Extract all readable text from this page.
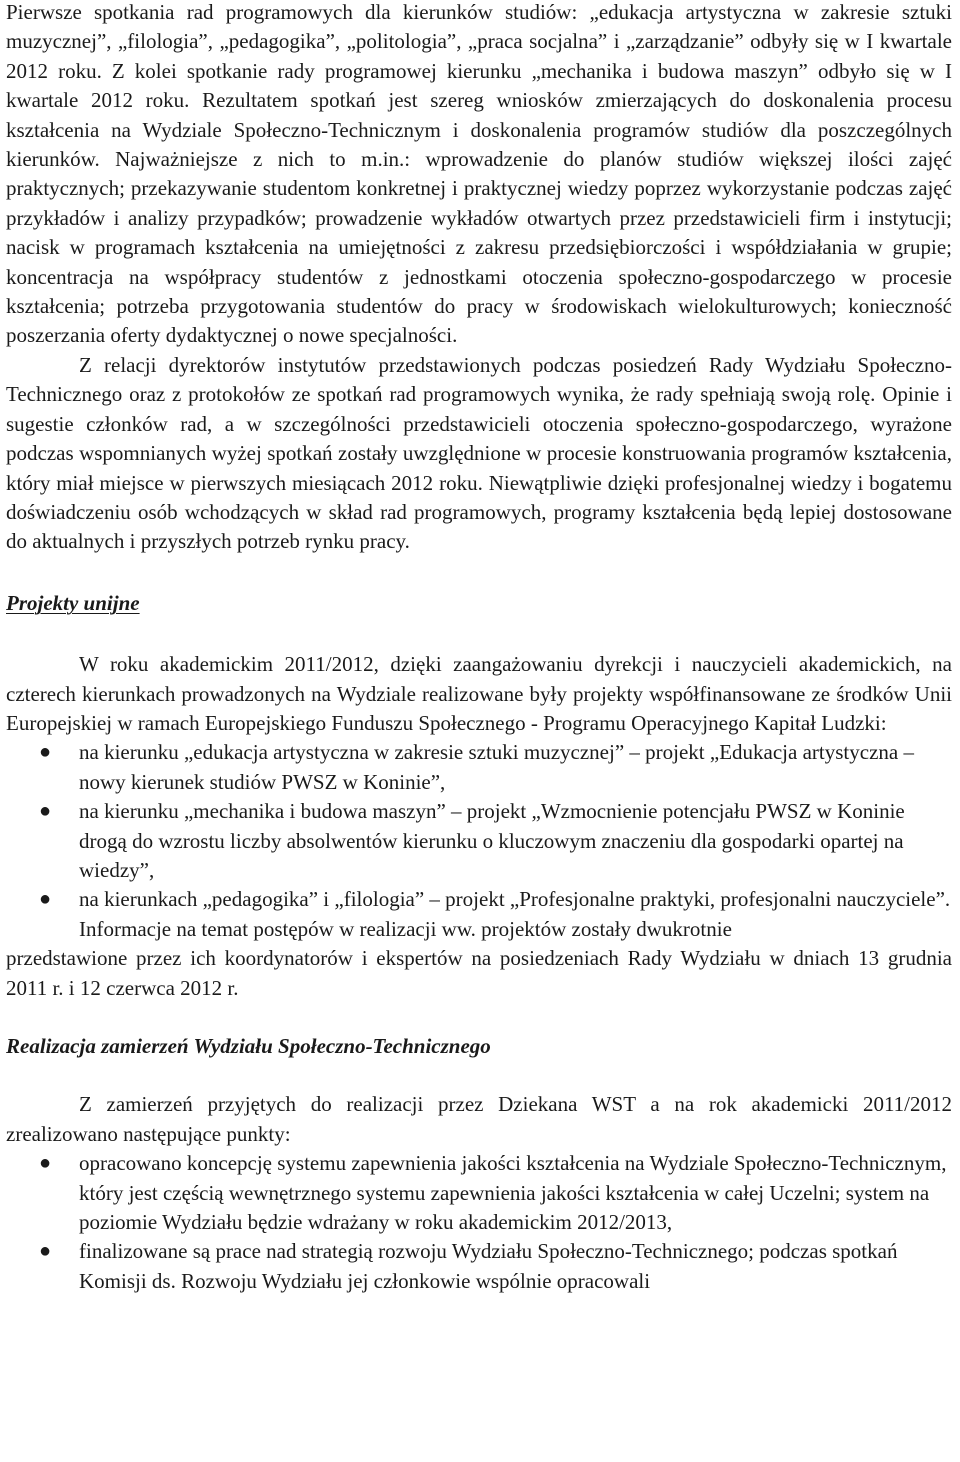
Pierwsze spotkania rad programowych dla kierunków studiów: „edukacja artystyczna w zakresie sztuki muzycznej”, „filologia”, „pedagogika”, „politologia”, „praca socjalna” i „zarządzanie” odbyły się w I kwartale 2012 roku. Z kolei spotkanie rady programowej kierunku „mechanika i budowa maszyn” odbyło się w I kwartale 2012 roku. Rezultatem spotkań jest szereg wniosków zmierzających do doskonalenia procesu kształcenia na Wydziale Społeczno-Technicznym i doskonalenia programów studiów dla poszczególnych kierunków. Najważniejsze z nich to m.in.: wprowadzenie do planów studiów większej ilości zajęć praktycznych; przekazywanie studentom konkretnej i praktycznej wiedzy poprzez wykorzystanie podczas zajęć przykładów i analizy przypadków; prowadzenie wykładów otwartych przez przedstawicieli firm i instytucji; nacisk w programach kształcenia na umiejętności z zakresu przedsiębiorczości i współdziałania w grupie; koncentracja na współpracy studentów z jednostkami otoczenia społeczno-gospodarczego w procesie kształcenia; potrzeba przygotowania studentów do pracy w środowiskach wielokulturowych; konieczność poszerzania oferty dydaktycznej o nowe specjalności.

Z relacji dyrektorów instytutów przedstawionych podczas posiedzeń Rady Wydziału Społeczno-Technicznego oraz z protokołów ze spotkań rad programowych wynika, że rady spełniają swoją rolę. Opinie i sugestie członków rad, a w szczególności przedstawicieli otoczenia społeczno-gospodarczego, wyrażone podczas wspomnianych wyżej spotkań zostały uwzględnione w procesie konstruowania programów kształcenia, który miał miejsce w pierwszych miesiącach 2012 roku. Niewątpliwie dzięki profesjonalnej wiedzy i bogatemu doświadczeniu osób wchodzących w skład rad programowych, programy kształcenia będą lepiej dostosowane do aktualnych i przyszłych potrzeb rynku pracy.

Projekty unijne

W roku akademickim 2011/2012, dzięki zaangażowaniu dyrekcji i nauczycieli akademickich, na czterech kierunkach prowadzonych na Wydziale realizowane były projekty współfinansowane ze środków Unii Europejskiej w ramach Europejskiego Funduszu Społecznego - Programu Operacyjnego Kapitał Ludzki:

● na kierunku „edukacja artystyczna w zakresie sztuki muzycznej” – projekt „Edukacja artystyczna – nowy kierunek studiów PWSZ w Koninie”,
● na kierunku „mechanika i budowa maszyn” – projekt „Wzmocnienie potencjału PWSZ w Koninie drogą do wzrostu liczby absolwentów kierunku o kluczowym znaczeniu dla gospodarki opartej na wiedzy”,
● na kierunkach „pedagogika” i „filologia” – projekt „Profesjonalne praktyki, profesjonalni nauczyciele”.

Informacje na temat postępów w realizacji ww. projektów zostały dwukrotnie

przedstawione przez ich koordynatorów i ekspertów na posiedzeniach Rady Wydziału w dniach 13 grudnia 2011 r. i 12 czerwca 2012 r.

Realizacja zamierzeń Wydziału Społeczno-Technicznego

Z zamierzeń przyjętych do realizacji przez Dziekana WST a na rok akademicki 2011/2012 zrealizowano następujące punkty:

● opracowano koncepcję systemu zapewnienia jakości kształcenia na Wydziale Społeczno-Technicznym, który jest częścią wewnętrznego systemu zapewnienia jakości kształcenia w całej Uczelni; system na poziomie Wydziału będzie wdrażany w roku akademickim 2012/2013,
● finalizowane są prace nad strategią rozwoju Wydziału Społeczno-Technicznego; podczas spotkań Komisji ds. Rozwoju Wydziału jej członkowie wspólnie opracowali
